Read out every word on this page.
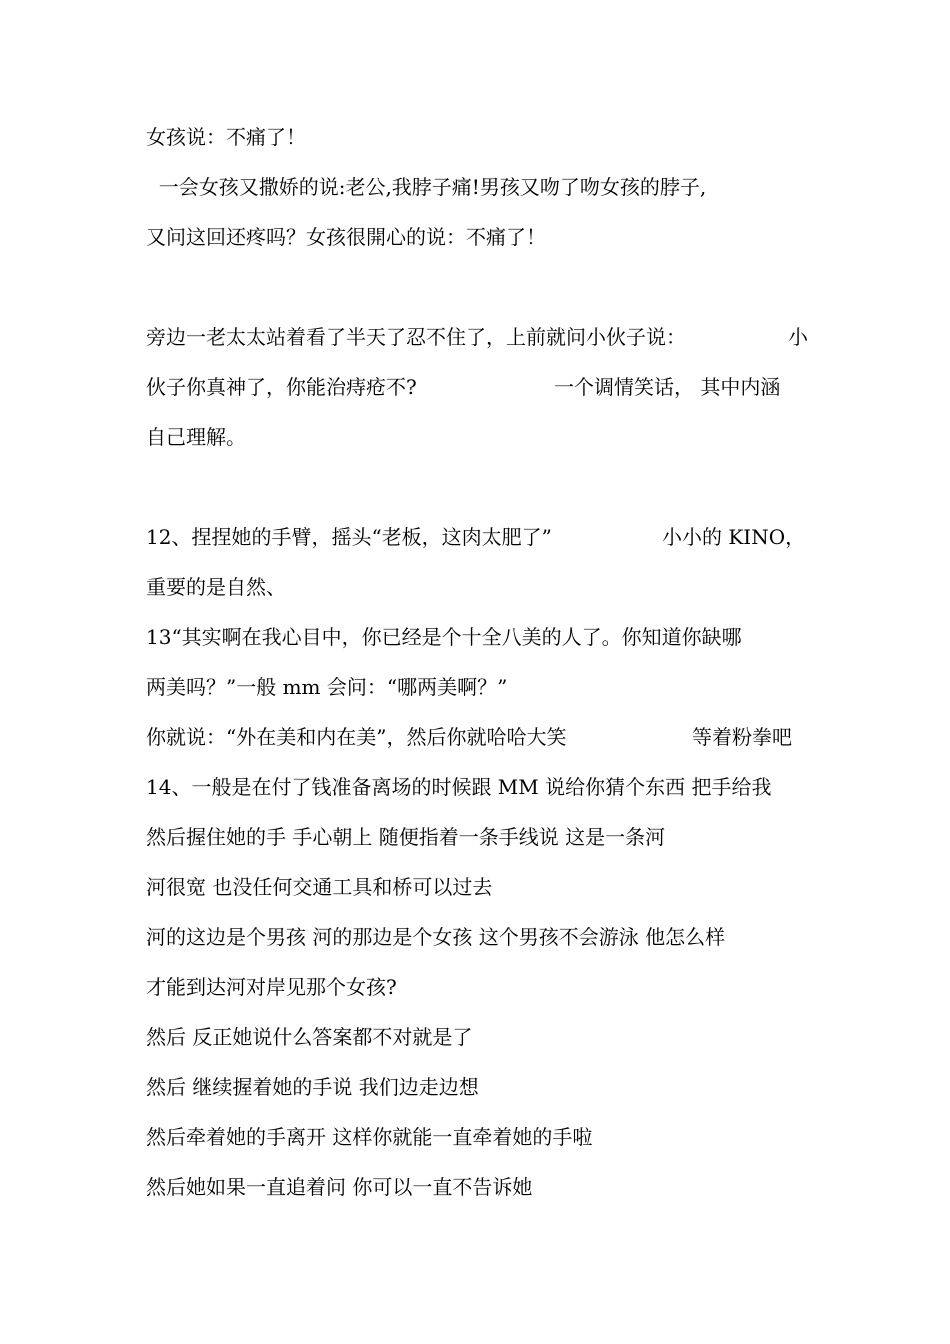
女孩说：不痛了！
一会女孩又撒娇的说:老公,我脖子痛!男孩又吻了吻女孩的脖子,
又问这回还疼吗？女孩很開心的说：不痛了！

旁边一老太太站着看了半天了忍不住了，上前就问小伙子说：

	小

伙子你真神了，你能治痔疮不?

	一个调情笑话， 其中内涵

自己理解。

12、捏捏她的手臂，摇头“老板，这肉太肥了”

	小小的 KINO，

重要的是自然、
13“其实啊在我心目中，你已经是个十全八美的人了。你知道你缺哪
两美吗？”一般 mm 会问：“哪两美啊？”

你就说：“外在美和内在美”，然后你就哈哈大笑

	等着粉拳吧

14、一般是在付了钱准备离场的时候跟 MM 说给你猜个东西 把手给我
然后握住她的手 手心朝上 随便指着一条手线说 这是一条河
河很宽 也没任何交通工具和桥可以过去
河的这边是个男孩 河的那边是个女孩 这个男孩不会游泳 他怎么样
才能到达河对岸见那个女孩?
然后 反正她说什么答案都不对就是了
然后 继续握着她的手说 我们边走边想
然后牵着她的手离开 这样你就能一直牵着她的手啦
然后她如果一直追着问 你可以一直不告诉她
